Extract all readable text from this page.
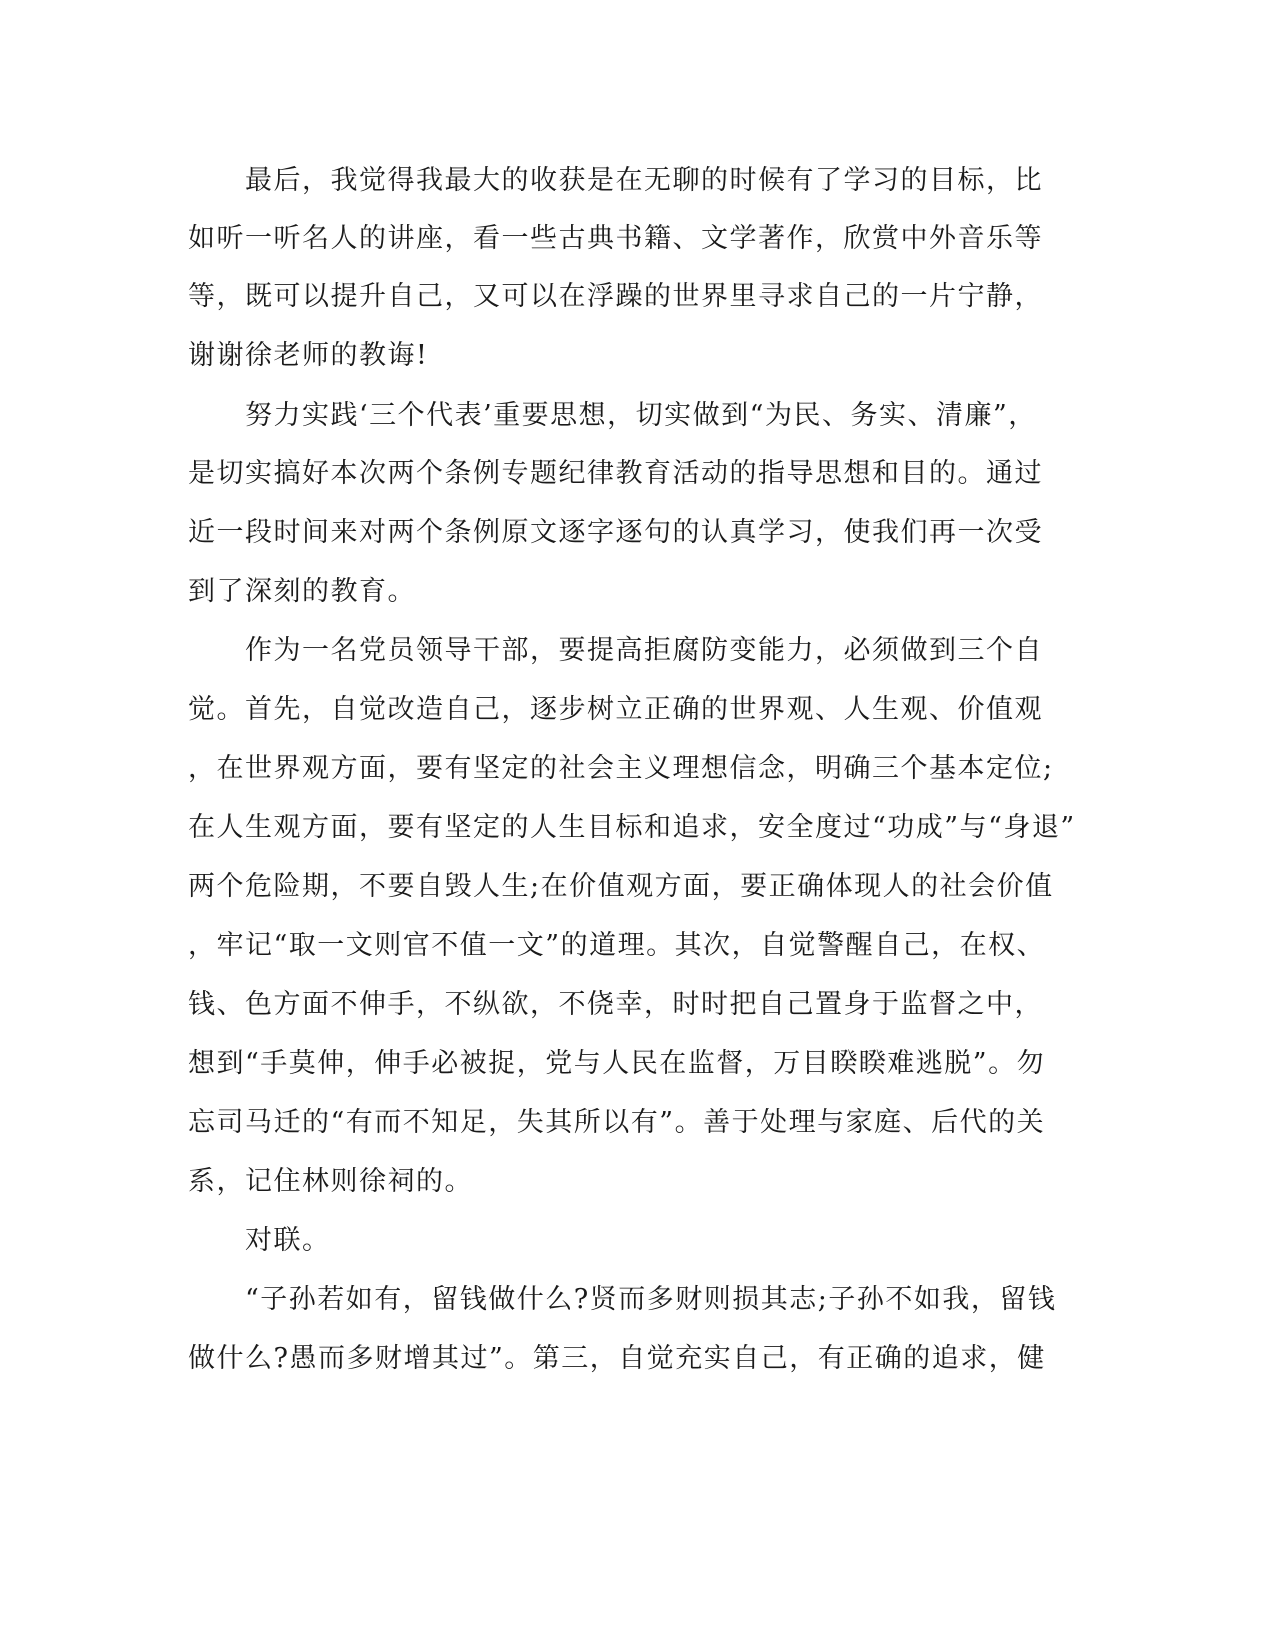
　　最后，我觉得我最大的收获是在无聊的时候有了学习的目标，比
如听一听名人的讲座，看一些古典书籍、文学著作，欣赏中外音乐等
等，既可以提升自己，又可以在浮躁的世界里寻求自己的一片宁静，
谢谢徐老师的教诲!
　　努力实践‘三个代表’重要思想，切实做到“为民、务实、清廉”，
是切实搞好本次两个条例专题纪律教育活动的指导思想和目的。通过
近一段时间来对两个条例原文逐字逐句的认真学习，使我们再一次受
到了深刻的教育。
　　作为一名党员领导干部，要提高拒腐防变能力，必须做到三个自
觉。首先，自觉改造自己，逐步树立正确的世界观、人生观、价值观
，在世界观方面，要有坚定的社会主义理想信念，明确三个基本定位;
在人生观方面，要有坚定的人生目标和追求，安全度过“功成”与“身退”
两个危险期，不要自毁人生;在价值观方面，要正确体现人的社会价值
，牢记“取一文则官不值一文”的道理。其次，自觉警醒自己，在权、
钱、色方面不伸手，不纵欲，不侥幸，时时把自己置身于监督之中，
想到“手莫伸，伸手必被捉，党与人民在监督，万目睽睽难逃脱”。勿
忘司马迁的“有而不知足，失其所以有”。善于处理与家庭、后代的关
系，记住林则徐祠的。
　　对联。
　　“子孙若如有，留钱做什么?贤而多财则损其志;子孙不如我，留钱
做什么?愚而多财增其过”。第三，自觉充实自己，有正确的追求，健
